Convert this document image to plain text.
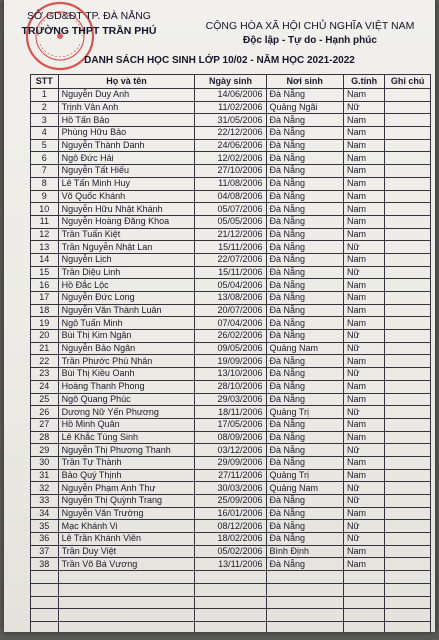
SỞ GD&ĐT TP. ĐÀ NẴNG
TRƯỜNG THPT TRẦN PHÚ	CỘNG HÒA XÃ HỘI CHỦ NGHĨA VIỆT NAM
Độc lập - Tự do - Hạnh phúc
DANH SÁCH HỌC SINH LỚP 10/02 - NĂM HỌC 2021-2022
STT	Họ và tên	Ngày sinh	Nơi sinh	G.tính	Ghi chú
1	Nguyễn Duy Anh	14/06/2006	Đà Nẵng	Nam	
2	Trịnh Vân Anh	11/02/2006	Quảng Ngãi	Nữ	
3	Hồ Tấn Bảo	31/05/2006	Đà Nẵng	Nam	
4	Phùng Hữu Bảo	22/12/2006	Đà Nẵng	Nam	
5	Nguyễn Thành Danh	24/06/2006	Đà Nẵng	Nam	
6	Ngô Đức Hải	12/02/2006	Đà Nẵng	Nam	
7	Nguyễn Tất Hiếu	27/10/2006	Đà Nẵng	Nam	
8	Lê Tấn Minh Huy	11/08/2006	Đà Nẵng	Nam	
9	Võ Quốc Khánh	04/08/2006	Đà Nẵng	Nam	
10	Nguyễn Hữu Nhật Khánh	05/07/2006	Đà Nẵng	Nam	
11	Nguyễn Hoàng Đăng Khoa	05/05/2006	Đà Nẵng	Nam	
12	Trần Tuấn Kiệt	21/12/2006	Đà Nẵng	Nam	
13	Trần Nguyễn Nhật Lan	15/11/2006	Đà Nẵng	Nữ	
14	Nguyễn Lịch	22/07/2006	Đà Nẵng	Nam	
15	Trần Diệu Linh	15/11/2006	Đà Nẵng	Nữ	
16	Hồ Đắc Lộc	05/04/2006	Đà Nẵng	Nam	
17	Nguyễn Đức Long	13/08/2006	Đà Nẵng	Nam	
18	Nguyễn Văn Thành Luân	20/07/2006	Đà Nẵng	Nam	
19	Ngô Tuấn Minh	07/04/2006	Đà Nẵng	Nam	
20	Bùi Thị Kim Ngân	26/02/2006	Đà Nẵng	Nữ	
21	Nguyễn Bảo Ngân	09/05/2006	Quảng Nam	Nữ	
22	Trần Phước Phú Nhân	19/09/2006	Đà Nẵng	Nam	
23	Bùi Thị Kiều Oanh	13/10/2006	Đà Nẵng	Nữ	
24	Hoàng Thanh Phong	28/10/2006	Đà Nẵng	Nam	
25	Ngô Quang Phúc	29/03/2006	Đà Nẵng	Nam	
26	Dương Nữ Yến Phương	18/11/2006	Quảng Trị	Nữ	
27	Hồ Minh Quân	17/05/2006	Đà Nẵng	Nam	
28	Lê Khắc Tùng Sinh	08/09/2006	Đà Nẵng	Nam	
29	Nguyễn Thị Phương Thanh	03/12/2006	Đà Nẵng	Nữ	
30	Trần Tự Thành	29/09/2006	Đà Nẵng	Nam	
31	Bảo Quý Thịnh	27/11/2006	Quảng Trị	Nam	
32	Nguyễn Phạm Anh Thư	30/03/2006	Quảng Nam	Nữ	
33	Nguyễn Thị Quỳnh Trang	25/09/2006	Đà Nẵng	Nữ	
34	Nguyễn Văn Trường	16/01/2006	Đà Nẵng	Nam	
35	Mạc Khánh Vi	08/12/2006	Đà Nẵng	Nữ	
36	Lê Trần Khánh Viên	18/02/2006	Đà Nẵng	Nữ	
37	Trần Duy Việt	05/02/2006	Bình Định	Nam	
38	Trần Võ Bá Vương	13/11/2006	Đà Nẵng	Nam	
